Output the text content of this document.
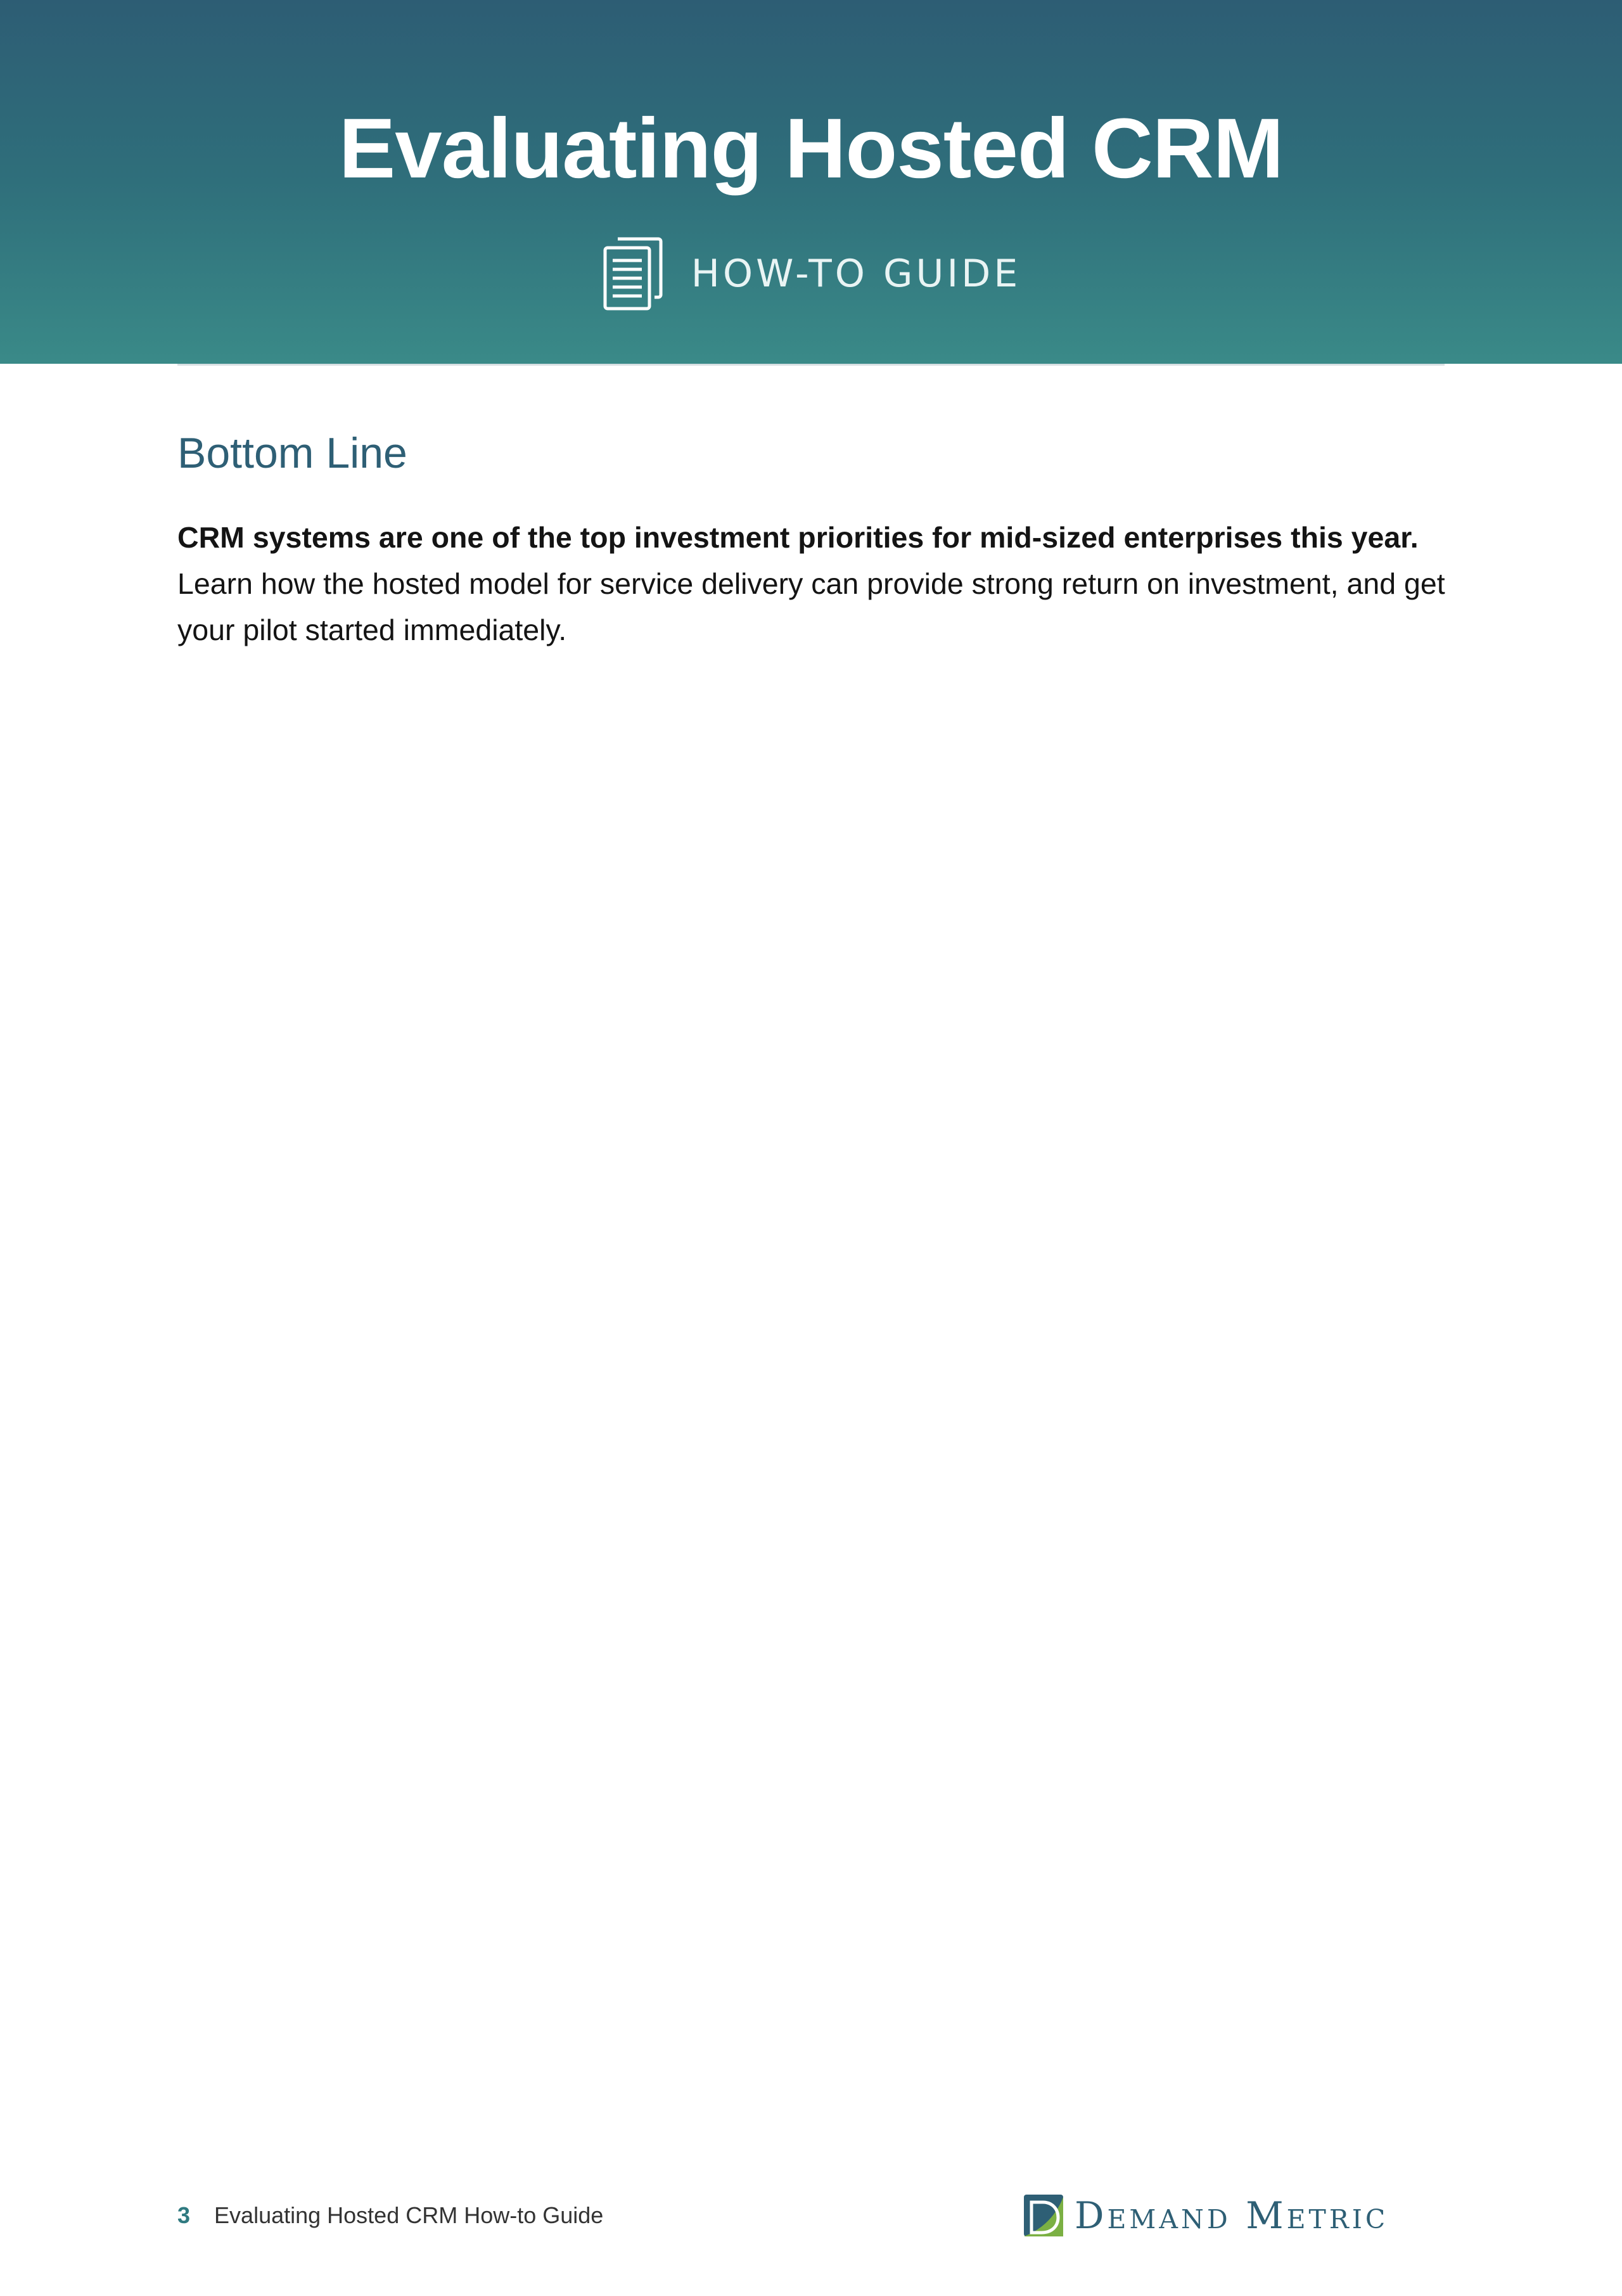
Evaluating Hosted CRM
HOW-TO GUIDE
Bottom Line

CRM systems are one of the top investment priorities for mid-sized enterprises this year. Learn how the hosted model for service delivery can provide strong return on investment, and get your pilot started immediately.

3 Evaluating Hosted CRM How-to Guide	Demand Metric
